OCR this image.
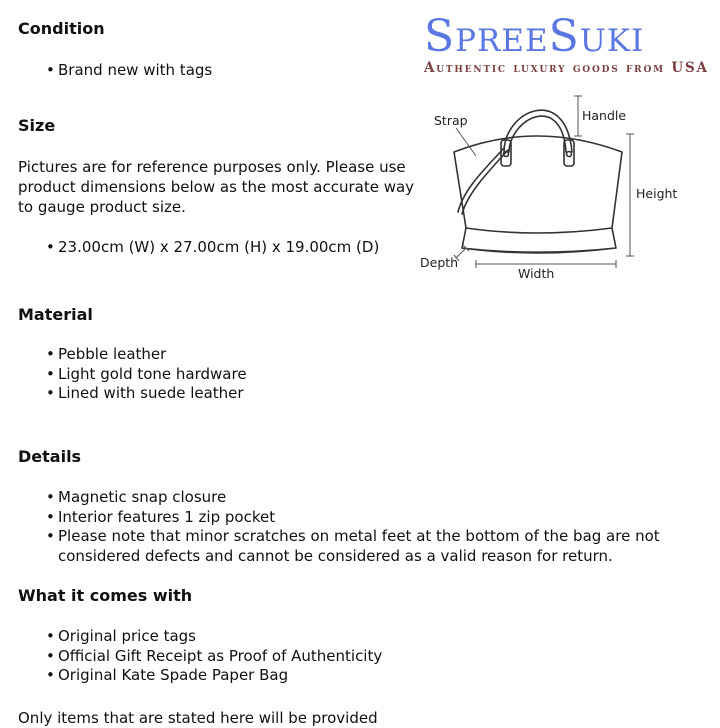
SpreeSuki
Authentic luxury goods from USA
Strap	Handle
Height
Depth
Width
Condition
• Brand new with tags
Size

Pictures are for reference purposes only. Please use product dimensions below as the most accurate way to gauge product size.

• 23.00cm (W) x 27.00cm (H) x 19.00cm (D)
Material
• Pebble leather
• Light gold tone hardware
• Lined with suede leather
Details
• Magnetic snap closure
• Interior features 1 zip pocket
• Please note that minor scratches on metal feet at the bottom of the bag are not considered defects and cannot be considered as a valid reason for return.
What it comes with
• Original price tags
• Official Gift Receipt as Proof of Authenticity
• Original Kate Spade Paper Bag

Only items that are stated here will be provided
